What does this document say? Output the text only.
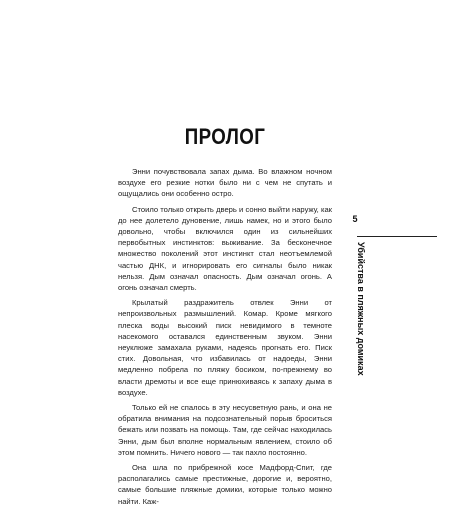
ПРОЛОГ

Энни почувствовала запах дыма. Во влажном ночном воздухе его резкие нотки было ни с чем не спутать и ощущались они особенно остро.

Стоило только открыть дверь и сонно выйти наружу, как до нее долетело дуновение, лишь намек, но и этого было довольно, чтобы включился один из сильнейших первобытных инстинктов: выживание. За бесконечное множество поколений этот инстинкт стал неотъемлемой частью ДНК, и игнорировать его сигналы было никак нельзя. Дым означал опасность. Дым означал огонь. А огонь означал смерть.

Крылатый раздражитель отвлек Энни от непроизвольных размышлений. Комар. Кроме мягкого плеска воды высокий писк невидимого в темноте насекомого оставался единственным звуком. Энни неуклюже замахала руками, надеясь прогнать его. Писк стих. Довольная, что избавилась от надоеды, Энни медленно побрела по пляжу босиком, по-прежнему во власти дремоты и все еще принюхиваясь к запаху дыма в воздухе.

Только ей не спалось в эту несусветную рань, и она не обратила внимания на подсознательный порыв броситься бежать или позвать на помощь. Там, где сейчас находилась Энни, дым был вполне нормальным явлением, стоило об этом помнить. Ничего нового — так пахло постоянно.

Она шла по прибрежной косе Мадфорд-Спит, где располагались самые престижные, дорогие и, вероятно, самые большие пляжные домики, которые только можно найти. Каж-

5
Убийства в пляжных домиках
